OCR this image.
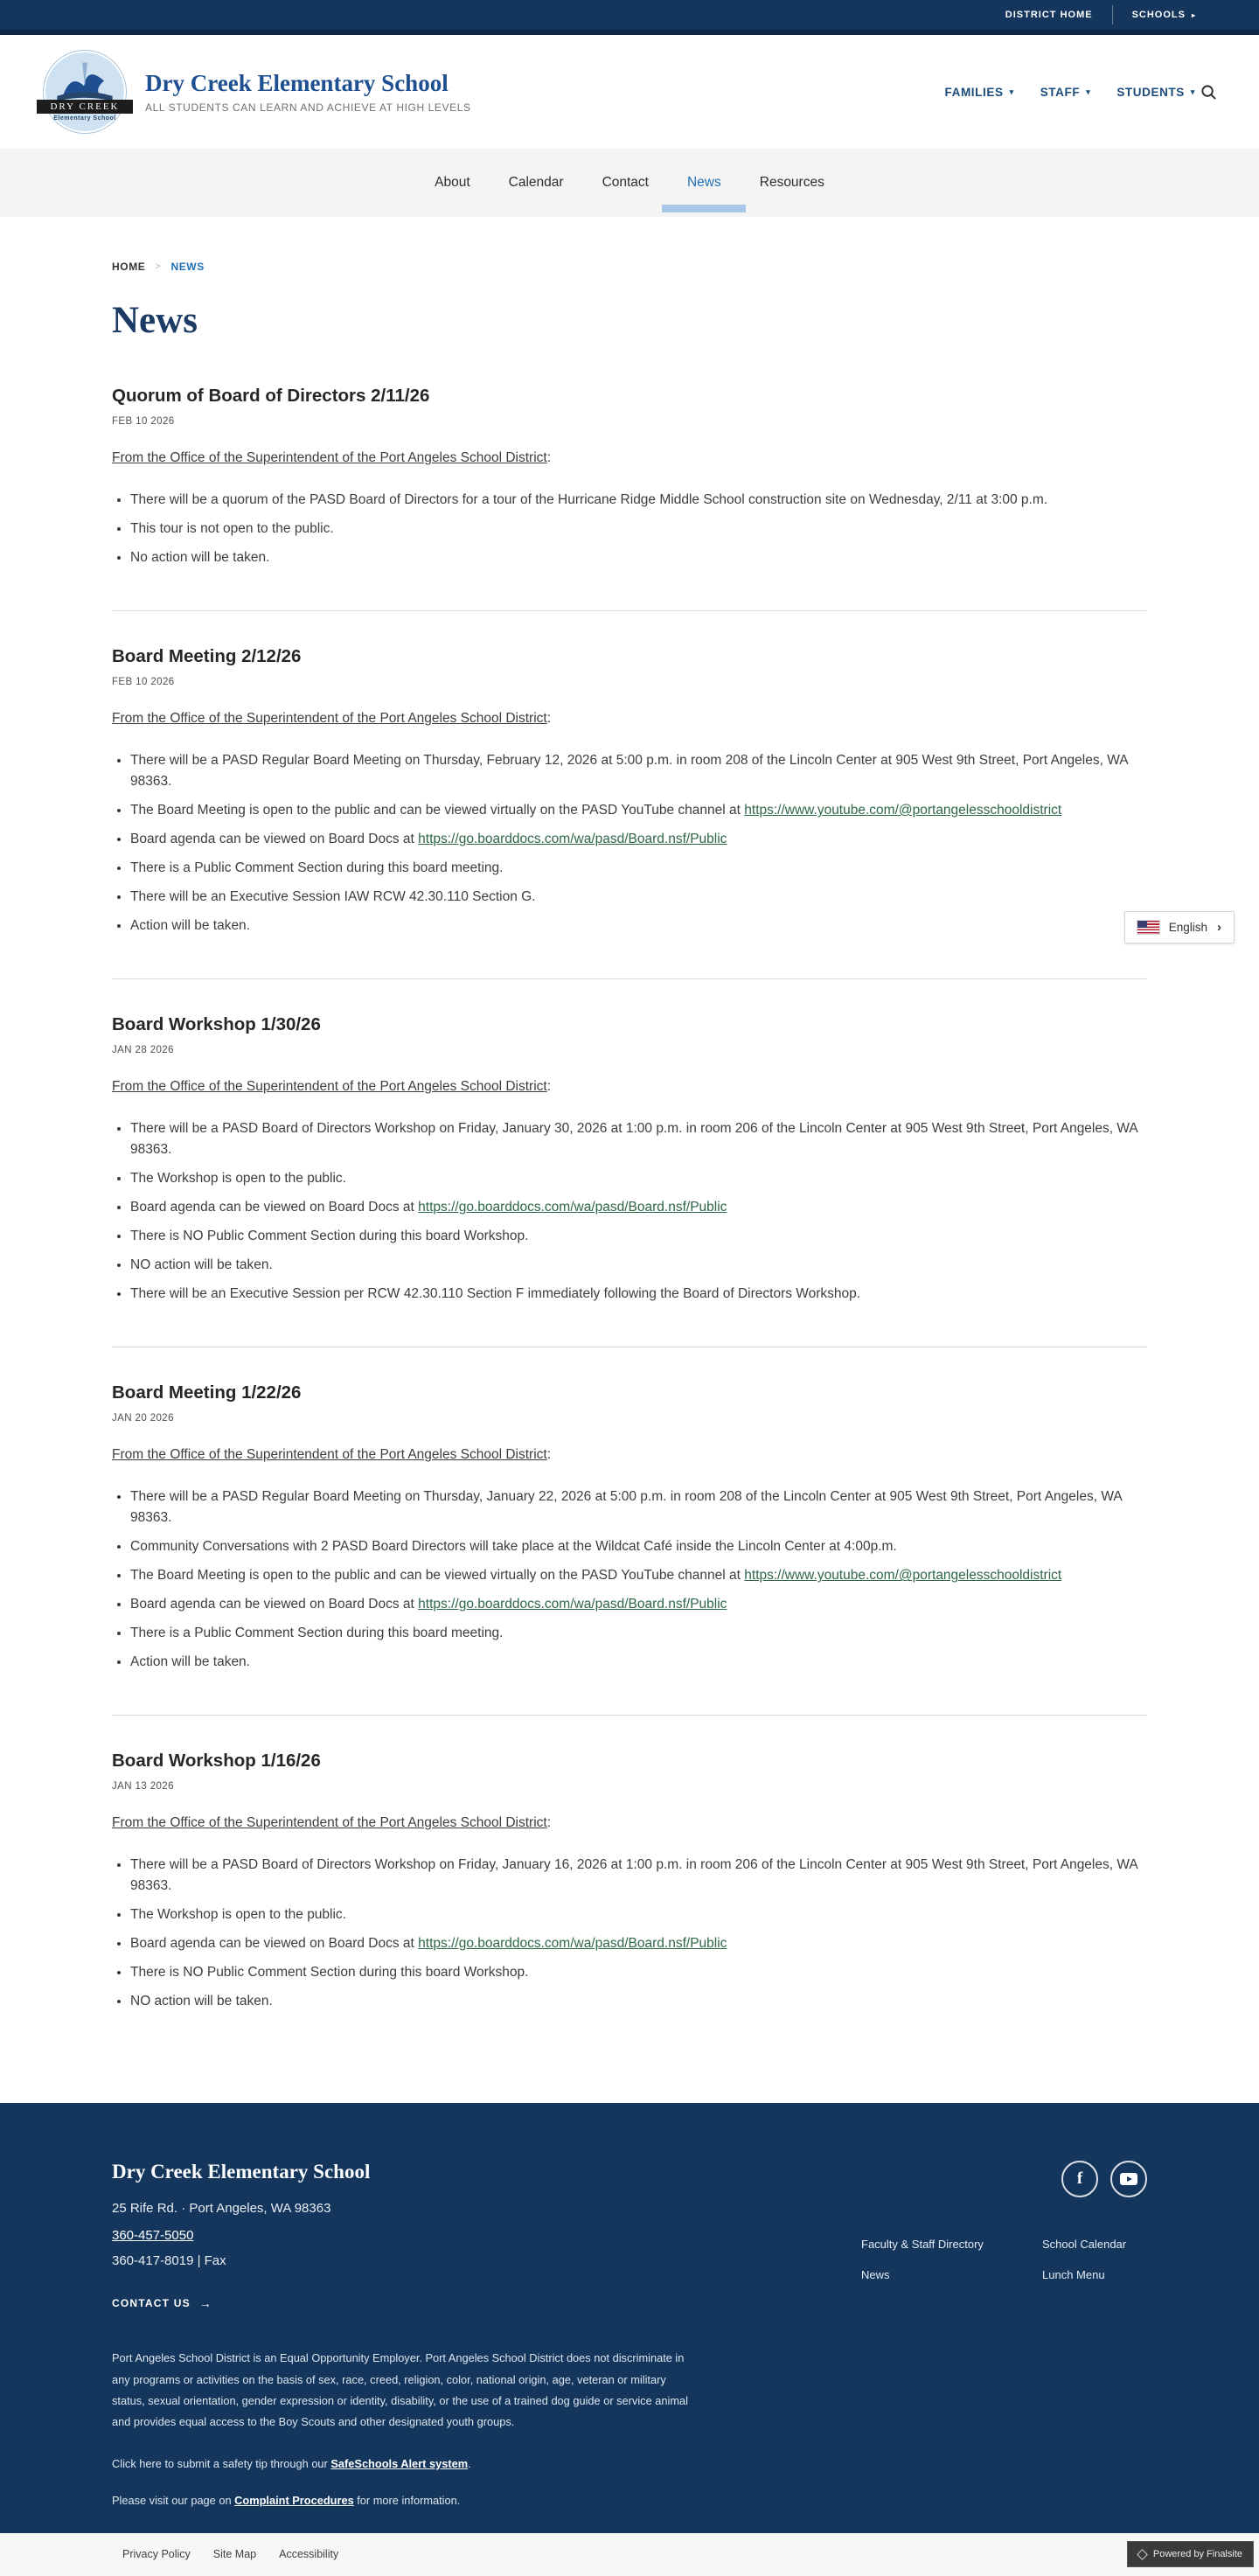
DISTRICT HOME	SCHOOLS ▸
DRY CREEK
Elementary School
Dry Creek Elementary School
ALL STUDENTS CAN LEARN AND ACHIEVE AT HIGH LEVELS
FAMILIES ▾ STAFF ▾ STUDENTS ▾
About	Calendar	Contact	News	Resources
HOME > NEWS
News
Quorum of Board of Directors 2/11/26
FEB 10 2026

From the Office of the Superintendent of the Port Angeles School District:

• There will be a quorum of the PASD Board of Directors for a tour of the Hurricane Ridge Middle School construction site on Wednesday, 2/11 at 3:00 p.m.
• This tour is not open to the public.
• No action will be taken.
Board Meeting 2/12/26
FEB 10 2026

From the Office of the Superintendent of the Port Angeles School District:

• There will be a PASD Regular Board Meeting on Thursday, February 12, 2026 at 5:00 p.m. in room 208 of the Lincoln Center at 905 West 9th Street, Port Angeles, WA 98363.
• The Board Meeting is open to the public and can be viewed virtually on the PASD YouTube channel at https://www.youtube.com/@portangelesschooldistrict
• Board agenda can be viewed on Board Docs at https://go.boarddocs.com/wa/pasd/Board.nsf/Public
• There is a Public Comment Section during this board meeting.
• There will be an Executive Session IAW RCW 42.30.110 Section G.
• Action will be taken.
Board Workshop 1/30/26
JAN 28 2026

From the Office of the Superintendent of the Port Angeles School District:

• There will be a PASD Board of Directors Workshop on Friday, January 30, 2026 at 1:00 p.m. in room 206 of the Lincoln Center at 905 West 9th Street, Port Angeles, WA 98363.
• The Workshop is open to the public.
• Board agenda can be viewed on Board Docs at https://go.boarddocs.com/wa/pasd/Board.nsf/Public
• There is NO Public Comment Section during this board Workshop.
• NO action will be taken.
• There will be an Executive Session per RCW 42.30.110 Section F immediately following the Board of Directors Workshop.
Board Meeting 1/22/26
JAN 20 2026

From the Office of the Superintendent of the Port Angeles School District:

• There will be a PASD Regular Board Meeting on Thursday, January 22, 2026 at 5:00 p.m. in room 208 of the Lincoln Center at 905 West 9th Street, Port Angeles, WA 98363.
• Community Conversations with 2 PASD Board Directors will take place at the Wildcat Café inside the Lincoln Center at 4:00p.m.
• The Board Meeting is open to the public and can be viewed virtually on the PASD YouTube channel at https://www.youtube.com/@portangelesschooldistrict
• Board agenda can be viewed on Board Docs at https://go.boarddocs.com/wa/pasd/Board.nsf/Public
• There is a Public Comment Section during this board meeting.
• Action will be taken.
Board Workshop 1/16/26
JAN 13 2026

From the Office of the Superintendent of the Port Angeles School District:

• There will be a PASD Board of Directors Workshop on Friday, January 16, 2026 at 1:00 p.m. in room 206 of the Lincoln Center at 905 West 9th Street, Port Angeles, WA 98363.
• The Workshop is open to the public.
• Board agenda can be viewed on Board Docs at https://go.boarddocs.com/wa/pasd/Board.nsf/Public
• There is NO Public Comment Section during this board Workshop.
• NO action will be taken.
English ›
Dry Creek Elementary School
25 Rife Rd. · Port Angeles, WA 98363
360-457-5050
360-417-8019 | Fax
CONTACT US →
f
Faculty & Staff Directory	School Calendar
News	Lunch Menu

Port Angeles School District is an Equal Opportunity Employer. Port Angeles School District does not discriminate in any programs or activities on the basis of sex, race, creed, religion, color, national origin, age, veteran or military status, sexual orientation, gender expression or identity, disability, or the use of a trained dog guide or service animal and provides equal access to the Boy Scouts and other designated youth groups.

Click here to submit a safety tip through our SafeSchools Alert system.

Please visit our page on Complaint Procedures for more information.

Privacy Policy Site Map Accessibility	Powered by Finalsite
